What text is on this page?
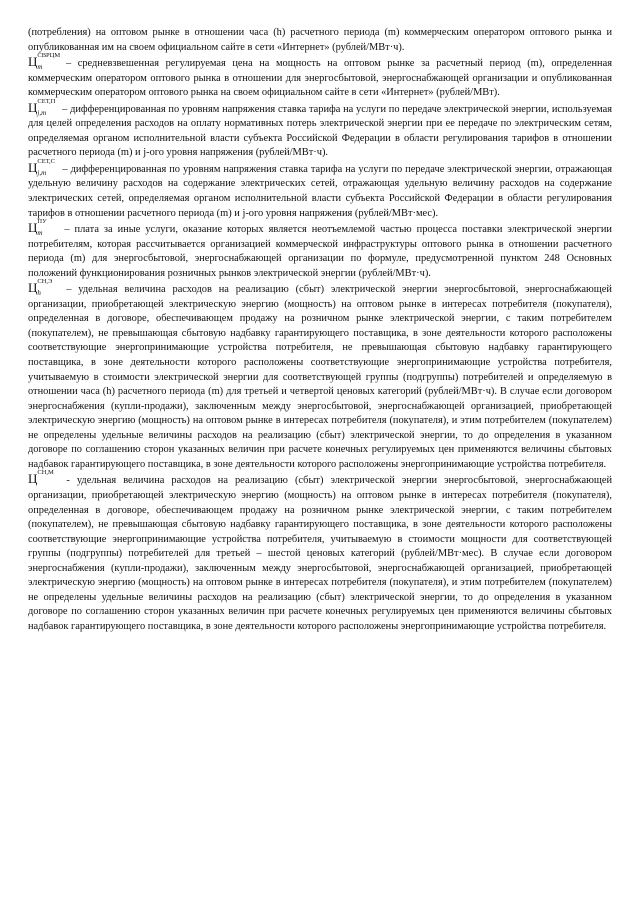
(потребления) на оптовом рынке в отношении часа (h) расчетного периода (m) коммерческим оператором оптового рынка и опубликованная им на своем официальном сайте в сети «Интернет» (рублей/МВт·ч).

Ц СВРЦМ
m – средневзвешенная регулируемая цена на мощность на оптовом рынке за расчетный период (m), определенная коммерческим оператором оптового рынка в отношении для энергосбытовой, энергоснабжающей организации и опубликованная коммерческим оператором оптового рынка на своем официальном сайте в сети «Интернет» (рублей/МВт).

Ц СЕТ,П
j,m – дифференцированная по уровням напряжения ставка тарифа на услуги по передаче электрической энергии, используемая для целей определения расходов на оплату нормативных потерь электрической энергии при ее передаче по электрическим сетям, определяемая органом исполнительной власти субъекта Российской Федерации в области регулирования тарифов в отношении расчетного периода (m) и j-ого уровня напряжения (рублей/МВт·ч).

Ц СЕТ,С
j,m – дифференцированная по уровням напряжения ставка тарифа на услуги по передаче электрической энергии, отражающая удельную величину расходов на содержание электрических сетей, отражающая удельную величину расходов на содержание электрических сетей, определяемая органом исполнительной власти субъекта Российской Федерации в области регулирования тарифов в отношении расчетного периода (m) и j-ого уровня напряжения (рублей/МВт·мес).

Ц ПУ
m – плата за иные услуги, оказание которых является неотъемлемой частью процесса поставки электрической энергии потребителям, которая рассчитывается организацией коммерческой инфраструктуры оптового рынка в отношении расчетного периода (m) для энергосбытовой, энергоснабжающей организации по формуле, предусмотренной пунктом 248 Основных положений функционирования розничных рынков электрической энергии (рублей/МВт·ч).

Ц СН,Э
h – удельная величина расходов на реализацию (сбыт) электрической энергии энергосбытовой, энергоснабжающей организации, приобретающей электрическую энергию (мощность) на оптовом рынке в интересах потребителя (покупателя), определенная в договоре, обеспечивающем продажу на розничном рынке электрической энергии, с таким потребителем (покупателем), не превышающая сбытовую надбавку гарантирующего поставщика, в зоне деятельности которого расположены соответствующие энергопринимающие устройства потребителя, не превышающая сбытовую надбавку гарантирующего поставщика, в зоне деятельности которого расположены соответствующие энергопринимающие устройства потребителя, учитываемую в стоимости электрической энергии для соответствующей группы (подгруппы) потребителей и определяемую в отношении часа (h) расчетного периода (m) для третьей и четвертой ценовых категорий (рублей/МВт·ч). В случае если договором энергоснабжения (купли-продажи), заключенным между энергосбытовой, энергоснабжающей организацией, приобретающей электрическую энергию (мощность) на оптовом рынке в интересах потребителя (покупателя), и этим потребителем (покупателем) не определены удельные величины расходов на реализацию (сбыт) электрической энергии, то до определения в указанном договоре по соглашению сторон указанных величин при расчете конечных регулируемых цен применяются величины сбытовых надбавок гарантирующего поставщика, в зоне деятельности которого расположены энергопринимающие устройства потребителя.

Ц СН,М
- удельная величина расходов на реализацию (сбыт) электрической энергии энергосбытовой, энергоснабжающей организации, приобретающей электрическую энергию (мощность) на оптовом рынке в интересах потребителя (покупателя), определенная в договоре, обеспечивающем продажу на розничном рынке электрической энергии, с таким потребителем (покупателем), не превышающая сбытовую надбавку гарантирующего поставщика, в зоне деятельности которого расположены соответствующие энергопринимающие устройства потребителя, учитываемую в стоимости мощности для соответствующей группы (подгруппы) потребителей для третьей – шестой ценовых категорий (рублей/МВт·мес). В случае если договором энергоснабжения (купли-продажи), заключенным между энергосбытовой, энергоснабжающей организацией, приобретающей электрическую энергию (мощность) на оптовом рынке в интересах потребителя (покупателя), и этим потребителем (покупателем) не определены удельные величины расходов на реализацию (сбыт) электрической энергии, то до определения в указанном договоре по соглашению сторон указанных величин при расчете конечных регулируемых цен применяются величины сбытовых надбавок гарантирующего поставщика, в зоне деятельности которого расположены энергопринимающие устройства потребителя.
